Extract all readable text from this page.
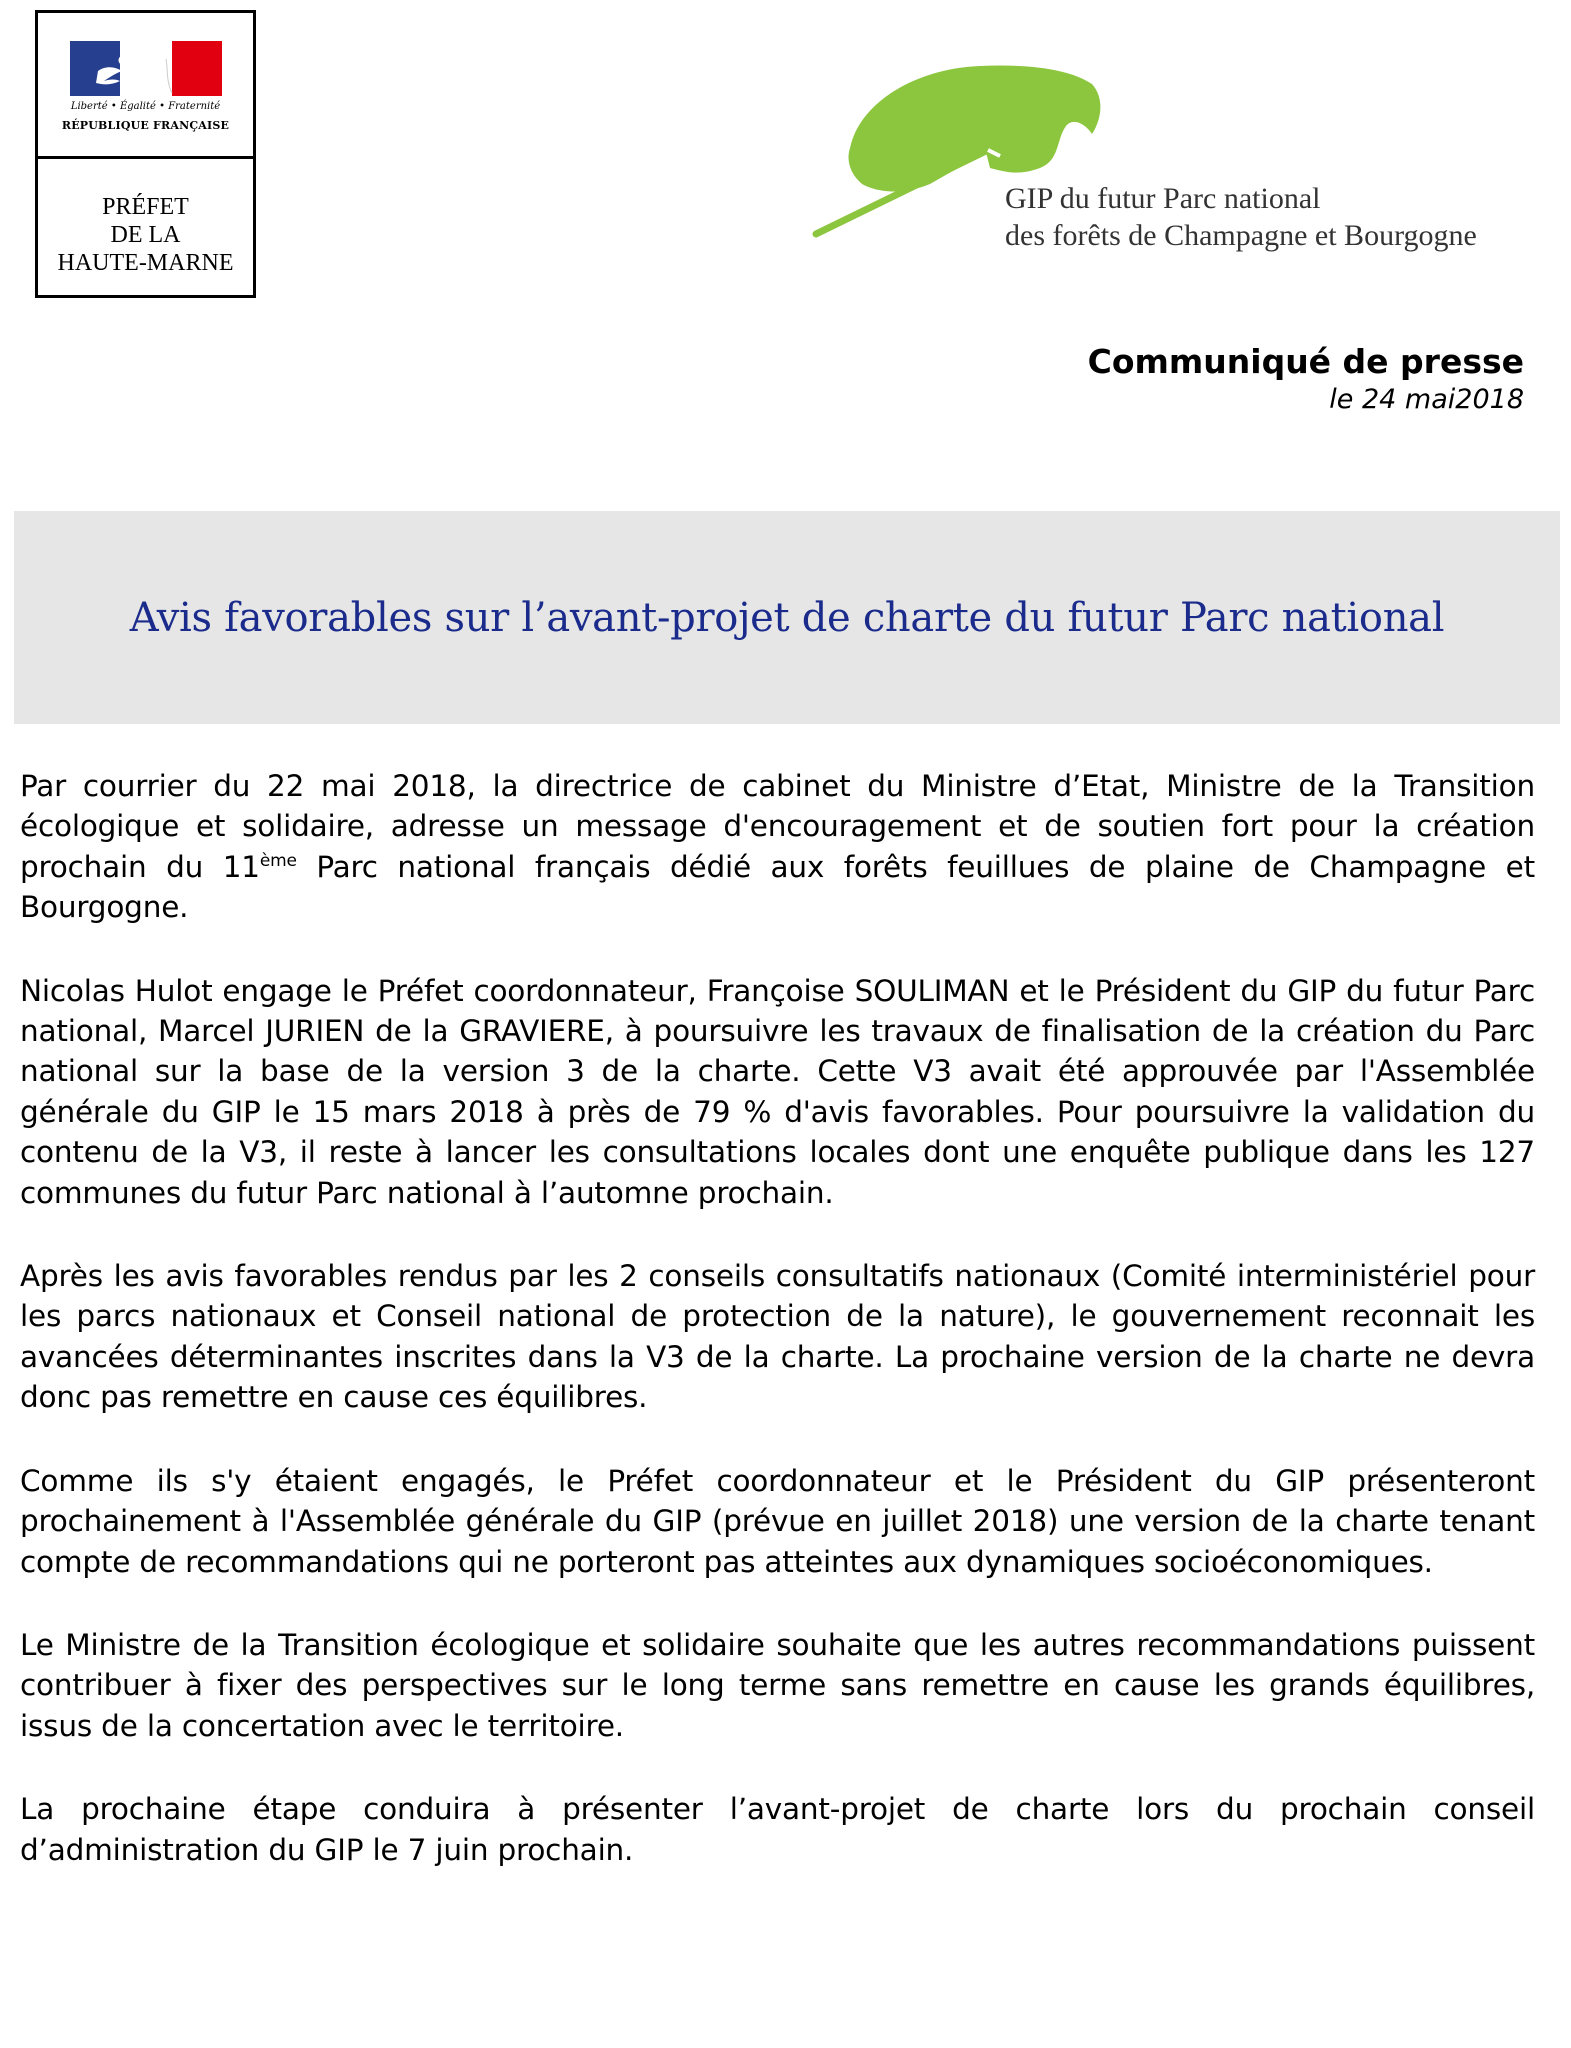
Liberté • Égalité • Fraternité
RÉPUBLIQUE FRANÇAISE
PRÉFET
DE LA
HAUTE-MARNE
GIP du futur Parc national
des forêts de Champagne et Bourgogne
Communiqué de presse
le 24 mai2018
Avis favorables sur l’avant-projet de charte du futur Parc national

Par courrier du 22 mai 2018, la directrice de cabinet du Ministre d’Etat, Ministre de la Transition écologique et solidaire, adresse un message d'encouragement et de soutien fort pour la création prochain du 11ème Parc national français dédié aux forêts feuillues de plaine de Champagne et Bourgogne.

Nicolas Hulot engage le Préfet coordonnateur, Françoise SOULIMAN et le Président du GIP du futur Parc national, Marcel JURIEN de la GRAVIERE, à poursuivre les travaux de finalisation de la création du Parc national sur la base de la version 3 de la charte. Cette V3 avait été approuvée par l'Assemblée générale du GIP le 15 mars 2018 à près de 79 % d'avis favorables. Pour poursuivre la validation du contenu de la V3, il reste à lancer les consultations locales dont une enquête publique dans les 127 communes du futur Parc national à l’automne prochain.

Après les avis favorables rendus par les 2 conseils consultatifs nationaux (Comité interministériel pour les parcs nationaux et Conseil national de protection de la nature), le gouvernement reconnait les avancées déterminantes inscrites dans la V3 de la charte. La prochaine version de la charte ne devra donc pas remettre en cause ces équilibres.

Comme ils s'y étaient engagés, le Préfet coordonnateur et le Président du GIP présenteront prochainement à l'Assemblée générale du GIP (prévue en juillet 2018) une version de la charte tenant compte de recommandations qui ne porteront pas atteintes aux dynamiques socioéconomiques.

Le Ministre de la Transition écologique et solidaire souhaite que les autres recommandations puissent contribuer à fixer des perspectives sur le long terme sans remettre en cause les grands équilibres, issus de la concertation avec le territoire.

La prochaine étape conduira à présenter l’avant-projet de charte lors du prochain conseil d’administration du GIP le 7 juin prochain.
